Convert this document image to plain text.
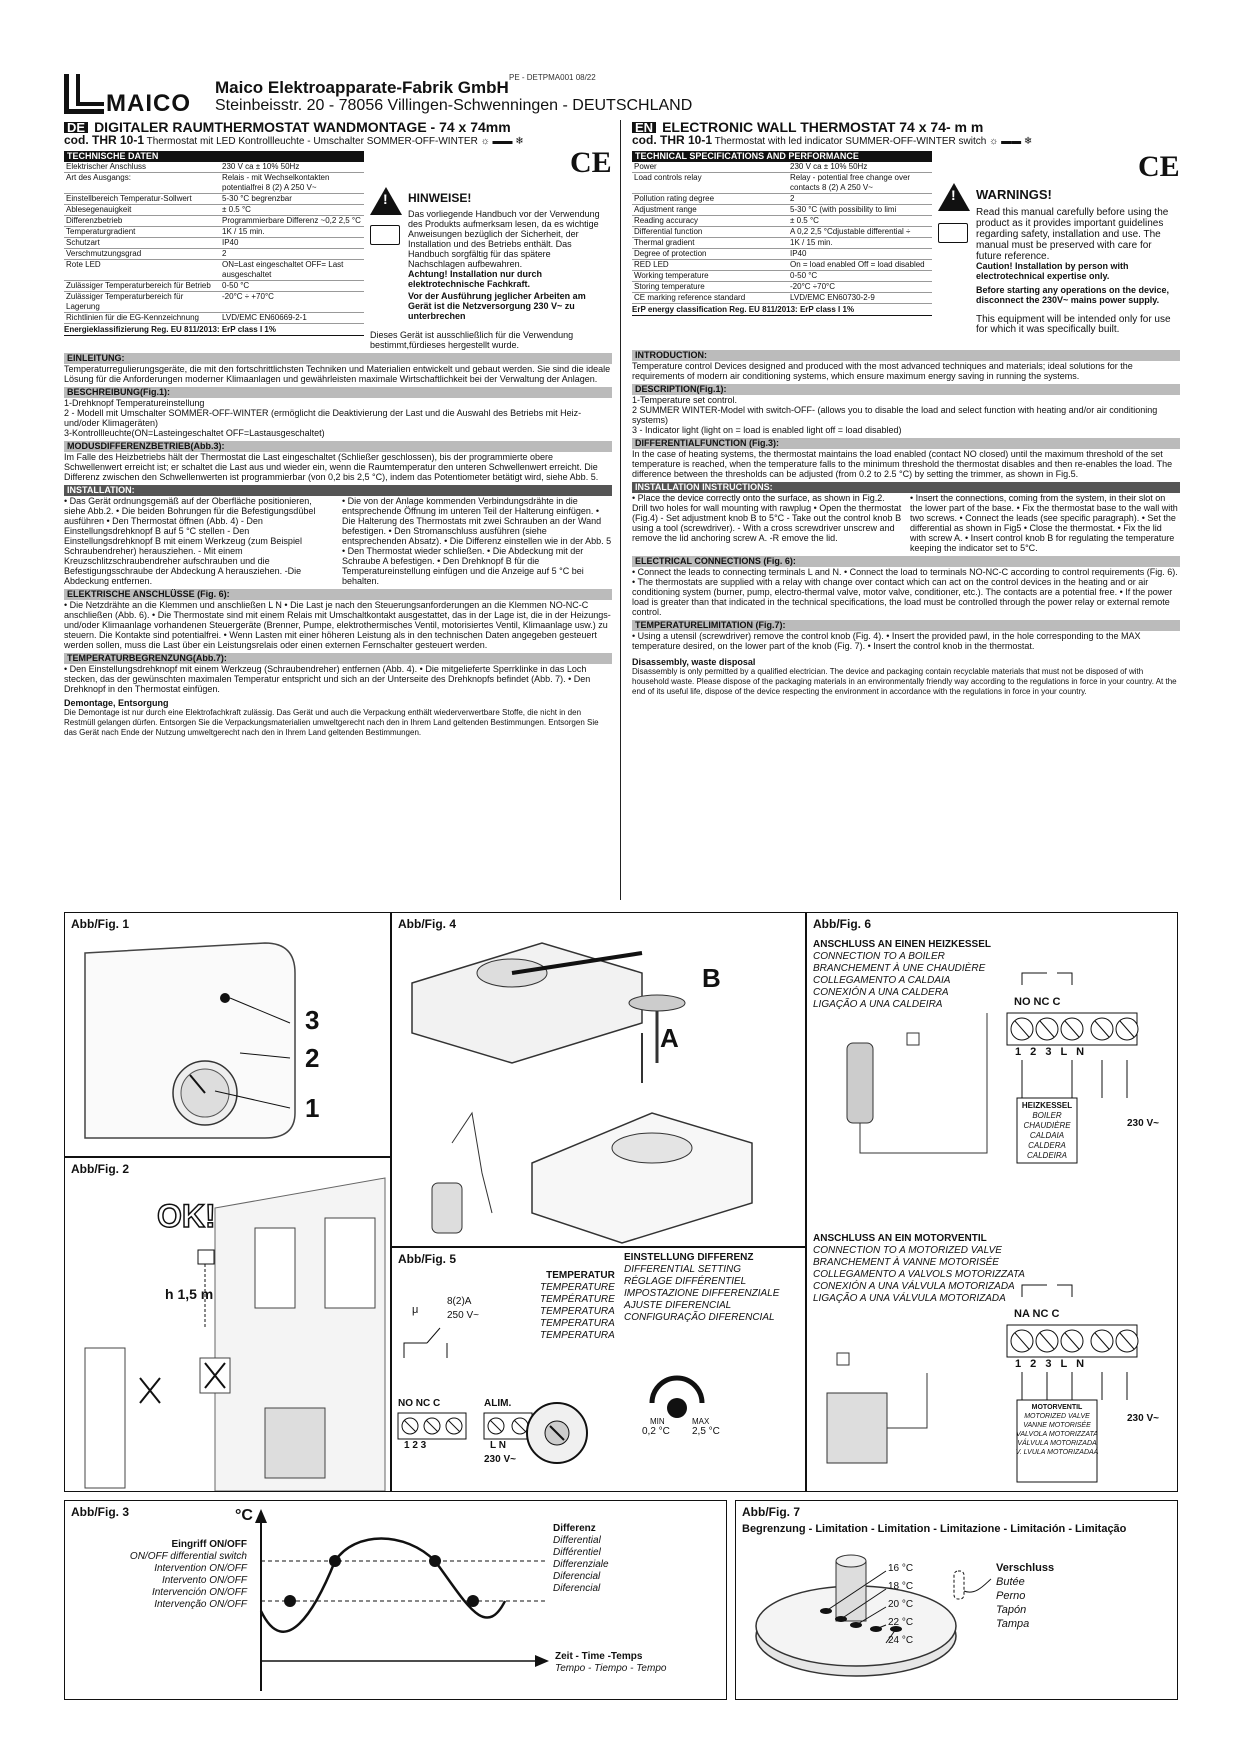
MAICO
Maico Elektroapparate-Fabrik GmbH
Steinbeisstr. 20 - 78056 Villingen-Schwenningen - DEUTSCHLAND
PE - DETPMA001 08/22
DE DIGITALER RAUMTHERMOSTAT WANDMONTAGE - 74 x 74mm
cod. THR 10-1 Thermostat mit LED Kontrollleuchte - Umschalter SOMMER-OFF-WINTER ☼ ▬▬ ❄
TECHNISCHE DATEN
Elektrischer Anschluss	230 V ca ± 10% 50Hz
Art des Ausgangs:	Relais - mit Wechselkontakten potentialfrei 8 (2) A 250 V~
Einstellbereich Temperatur-Sollwert	5-30 °C begrenzbar
Ablesegenauigkeit	± 0.5 °C
Differenzbetrieb	Programmierbare Differenz ~0,2 2,5 °C
Temperaturgradient	1K / 15 min.
Schutzart	IP40
Verschmutzungsgrad	2
Rote LED	ON=Last eingeschaltet OFF= Last ausgeschaltet
Zulässiger Temperaturbereich für Betrieb	0-50 °C
Zulässiger Temperaturbereich für Lagerung	-20°C ÷ +70°C
Richtlinien für die EG-Kennzeichnung	LVD/EMC EN60669-2-1
Energieklassifizierung Reg. EU 811/2013: ErP class I 1%
!
HINWEISE!
Das vorliegende Handbuch vor der Verwendung des Produkts aufmerksam lesen, da es wichtige Anweisungen bezüglich der Sicherheit, der Installation und des Betriebs enthält. Das Handbuch sorgfältig für das spätere Nachschlagen aufbewahren.
Achtung! Installation nur durch elektrotechnische Fachkraft.
Vor der Ausführung jeglicher Arbeiten am Gerät ist die Netzversorgung 230 V~ zu unterbrechen
CE
Dieses Gerät ist ausschließlich für die Verwendung bestimmt,fürdieses hergestellt wurde.
EINLEITUNG:
Temperaturregulierungsgeräte, die mit den fortschrittlichsten Techniken und Materialien entwickelt und gebaut werden. Sie sind die ideale Lösung für die Anforderungen moderner Klimaanlagen und gewährleisten maximale Wirtschaftlichkeit bei der Verwaltung der Anlagen.
BESCHREIBUNG(Fig.1):
1-Drehknopf Temperatureinstellung
2 - Modell mit Umschalter SOMMER-OFF-WINTER (ermöglicht die Deaktivierung der Last und die Auswahl des Betriebs mit Heiz- und/oder Klimageräten)
3-Kontrollleuchte(ON=Lasteingeschaltet OFF=Lastausgeschaltet)
MODUSDIFFERENZBETRIEB(Abb.3):
Im Falle des Heizbetriebs hält der Thermostat die Last eingeschaltet (Schließer geschlossen), bis der programmierte obere Schwellenwert erreicht ist; er schaltet die Last aus und wieder ein, wenn die Raumtemperatur den unteren Schwellenwert erreicht. Die Differenz zwischen den Schwellenwerten ist programmierbar (von 0,2 bis 2,5 °C), indem das Potentiometer betätigt wird, siehe Abb. 5.
INSTALLATION:
• Das Gerät ordnungsgemäß auf der Oberfläche positionieren, siehe Abb.2. • Die beiden Bohrungen für die Befestigungsdübel ausführen • Den Thermostat öffnen (Abb. 4) - Den Einstellungsdrehknopf B auf 5 °C stellen - Den Einstellungsdrehknopf B mit einem Werkzeug (zum Beispiel Schraubendreher) herausziehen. - Mit einem Kreuzschlitzschraubendreher aufschrauben und die Befestigungsschraube der Abdeckung A herausziehen. -Die Abdeckung entfernen.
• Die von der Anlage kommenden Verbindungsdrähte in die entsprechende Öffnung im unteren Teil der Halterung einfügen. • Die Halterung des Thermostats mit zwei Schrauben an der Wand befestigen. • Den Stromanschluss ausführen (siehe entsprechenden Absatz). • Die Differenz einstellen wie in der Abb. 5 • Den Thermostat wieder schließen. • Die Abdeckung mit der Schraube A befestigen. • Den Drehknopf B für die Temperatureinstellung einfügen und die Anzeige auf 5 °C bei behalten.
ELEKTRISCHE ANSCHLÜSSE (Fig. 6):
• Die Netzdrähte an die Klemmen und anschließen L N • Die Last je nach den Steuerungsanforderungen an die Klemmen NO-NC-C anschließen (Abb. 6). • Die Thermostate sind mit einem Relais mit Umschaltkontakt ausgestattet, das in der Lage ist, die in der Heizungs- und/oder Klimaanlage vorhandenen Steuergeräte (Brenner, Pumpe, elektrothermisches Ventil, motorisiertes Ventil, Klimaanlage usw.) zu steuern. Die Kontakte sind potentialfrei. • Wenn Lasten mit einer höheren Leistung als in den technischen Daten angegeben gesteuert werden sollen, muss die Last über ein Leistungsrelais oder einen externen Fernschalter gesteuert werden.
TEMPERATURBEGRENZUNG(Abb.7):
• Den Einstellungsdrehknopf mit einem Werkzeug (Schraubendreher) entfernen (Abb. 4). • Die mitgelieferte Sperrklinke in das Loch stecken, das der gewünschten maximalen Temperatur entspricht und sich an der Unterseite des Drehknopfs befindet (Abb. 7). • Den Drehknopf in den Thermostat einfügen.
Demontage, Entsorgung
Die Demontage ist nur durch eine Elektrofachkraft zulässig. Das Gerät und auch die Verpackung enthält wiederverwertbare Stoffe, die nicht in den Restmüll gelangen dürfen. Entsorgen Sie die Verpackungsmaterialien umweltgerecht nach den in Ihrem Land geltenden Bestimmungen. Entsorgen Sie das Gerät nach Ende der Nutzung umweltgerecht nach den in Ihrem Land geltenden Bestimmungen.
EN ELECTRONIC WALL THERMOSTAT 74 x 74- m m
cod. THR 10-1 Thermostat with led indicator SUMMER-OFF-WINTER switch ☼ ▬▬ ❄
TECHNICAL SPECIFICATIONS AND PERFORMANCE
Power	230 V ca ± 10% 50Hz
Load controls relay	Relay - potential free change over contacts 8 (2) A 250 V~
Pollution rating degree	2
Adjustment range	5-30 °C (with possibility to limi
Reading accuracy	± 0.5 °C
Differential function	A 0,2 2,5 °Cdjustable differential ÷
Thermal gradient	1K / 15 min.
Degree of protection	IP40
RED LED	On = load enabled Off = load disabled
Working temperature	0-50 °C
Storing temperature	-20°C ÷70°C
CE marking reference standard	LVD/EMC EN60730-2-9
ErP energy classification Reg. EU 811/2013: ErP class I 1%
!
WARNINGS!
Read this manual carefully before using the product as it provides important guidelines regarding safety, installation and use. The manual must be preserved with care for future reference.
Caution! Installation by person with electrotechnical expertise only.
Before starting any operations on the device, disconnect the 230V~ mains power supply.
This equipment will be intended only for use for which it was specifically built.
CE
INTRODUCTION:
Temperature control Devices designed and produced with the most advanced techniques and materials; ideal solutions for the requirements of modern air conditioning systems, which ensure maximum energy saving in running the systems.
DESCRIPTION(Fig.1):
1-Temperature set control.
2 SUMMER WINTER-Model with switch-OFF- (allows you to disable the load and select function with heating and/or air conditioning systems)
3 - Indicator light (light on = load is enabled light off = load disabled)
DIFFERENTIALFUNCTION (Fig.3):
In the case of heating systems, the thermostat maintains the load enabled (contact NO closed) until the maximum threshold of the set temperature is reached, when the temperature falls to the minimum threshold the thermostat disables and then re-enables the load. The difference between the thresholds can be adjusted (from 0.2 to 2.5 °C) by setting the trimmer, as shown in Fig.5.
INSTALLATION INSTRUCTIONS:
• Place the device correctly onto the surface, as shown in Fig.2. Drill two holes for wall mounting with rawplug • Open the thermostat (Fig.4) - Set adjustment knob B to 5°C - Take out the control knob B using a tool (screwdriver). - With a cross screwdriver unscrew and remove the lid anchoring screw A. -R emove the lid.
• Insert the connections, coming from the system, in their slot on the lower part of the base. • Fix the thermostat base to the wall with two screws. • Connect the leads (see specific paragraph). • Set the differential as shown in Fig5 • Close the thermostat. • Fix the lid with screw A. • Insert control knob B for regulating the temperature keeping the indicator set to 5°C.
ELECTRICAL CONNECTIONS (Fig. 6):
• Connect the leads to connecting terminals L and N. • Connect the load to terminals NO-NC-C according to control requirements (Fig. 6). • The thermostats are supplied with a relay with change over contact which can act on the control devices in the heating and or air conditioning system (burner, pump, electro-thermal valve, motor valve, conditioner, etc.). The contacts are a potential free. • If the power load is greater than that indicated in the technical specifications, the load must be controlled through the power relay or external remote control.
TEMPERATURELIMITATION (Fig.7):
• Using a utensil (screwdriver) remove the control knob (Fig. 4). • Insert the provided pawl, in the hole corresponding to the MAX temperature desired, on the lower part of the knob (Fig. 7). • Insert the control knob in the thermostat.
Disassembly, waste disposal
Disassembly is only permitted by a qualified electrician. The device and packaging contain recyclable materials that must not be disposed of with household waste. Please dispose of the packaging materials in an environmentally friendly way according to the regulations in force in your country. At the end of its useful life, dispose of the device respecting the environment in accordance with the regulations in force in your country.
Abb/Fig. 1
3
2
1
Abb/Fig. 2
OK!
h 1,5 m
Abb/Fig. 4
B
A
Abb/Fig. 5
μ
8(2)A
250 V~
NO NC C	ALIM.
1 2 3	L N
230 V~
TEMPERATUR
TEMPERATURE
TEMPÉRATURE
TEMPERATURA
TEMPERATURA
TEMPERATURA
EINSTELLUNG DIFFERENZ
DIFFERENTIAL SETTING
RÉGLAGE DIFFÉRENTIEL
IMPOSTAZIONE DIFFERENZIALE
AJUSTE DIFERENCIAL
CONFIGURAÇÃO DIFERENCIAL
MIN
0,2 °C
MAX
2,5 °C
Abb/Fig. 6
ANSCHLUSS AN EINEN HEIZKESSEL
CONNECTION TO A BOILER
BRANCHEMENT À UNE CHAUDIÈRE
COLLEGAMENTO A CALDAIA
CONEXIÓN A UNA CALDERA
LIGAÇÃO A UNA CALDEIRA	NO NC C
1 2 3 L N
HEIZKESSEL
BOILER
CHAUDIÈRE
CALDAIA
CALDERA
CALDEIRA
230 V~
ANSCHLUSS AN EIN MOTORVENTIL
CONNECTION TO A MOTORIZED VALVE
BRANCHEMENT À VANNE MOTORISÉE
COLLEGAMENTO A VALVOLS MOTORIZZATA
CONEXIÓN A UNA VÁLVULA MOTORIZADA
LIGAÇÃO A UNA VÁLVULA MOTORIZADA
NA NC C
1 2 3 L N
MOTORVENTIL
MOTORIZED VALVE
VANNE MOTORISÉE
VALVOLA MOTORIZZATA
VÁLVULA MOTORIZADA
V. LVULA MOTORIZADAÁ
230 V~
Abb/Fig. 3	°C
Eingriff ON/OFF
ON/OFF differential switch
Intervention ON/OFF
Intervento ON/OFF
Intervención ON/OFF
Intervenção ON/OFF
Differenz
Differential
Différentiel
Differenziale
Diferencial
Diferencial
Zeit - Time -Temps
Tempo - Tiempo - Tempo
Abb/Fig. 7
Begrenzung - Limitation - Limitation - Limitazione - Limitación - Limitação
16 °C
18 °C
20 °C
22 °C
24 °C
Verschluss
Butée
Perno
Tapón
Tampa
